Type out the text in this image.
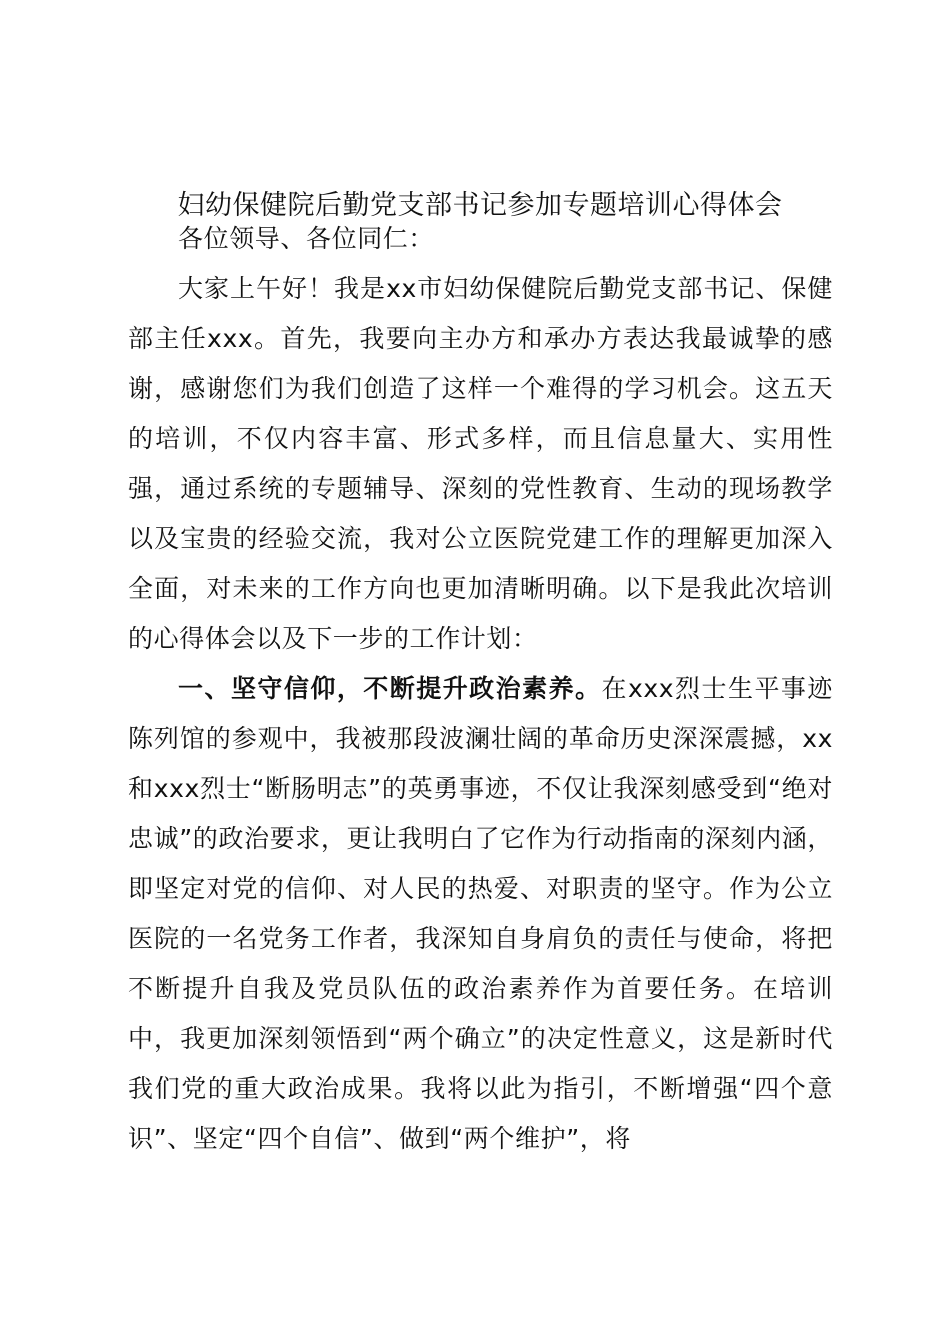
妇幼保健院后勤党支部书记参加专题培训心得体会

各位领导、各位同仁：

大家上午好！我是xx市妇幼保健院后勤党支部书记、保健部主任xxx。首先，我要向主办方和承办方表达我最诚挚的感谢，感谢您们为我们创造了这样一个难得的学习机会。这五天的培训，不仅内容丰富、形式多样，而且信息量大、实用性强，通过系统的专题辅导、深刻的党性教育、生动的现场教学以及宝贵的经验交流，我对公立医院党建工作的理解更加深入全面，对未来的工作方向也更加清晰明确。以下是我此次培训的心得体会以及下一步的工作计划：

一、坚守信仰，不断提升政治素养。在xxx烈士生平事迹陈列馆的参观中，我被那段波澜壮阔的革命历史深深震撼，xx和xxx烈士“断肠明志”的英勇事迹，不仅让我深刻感受到“绝对忠诚”的政治要求，更让我明白了它作为行动指南的深刻内涵，即坚定对党的信仰、对人民的热爱、对职责的坚守。作为公立医院的一名党务工作者，我深知自身肩负的责任与使命，将把不断提升自我及党员队伍的政治素养作为首要任务。在培训中，我更加深刻领悟到“两个确立”的决定性意义，这是新时代我们党的重大政治成果。我将以此为指引，不断增强“四个意识”、坚定“四个自信”、做到“两个维护”，将
